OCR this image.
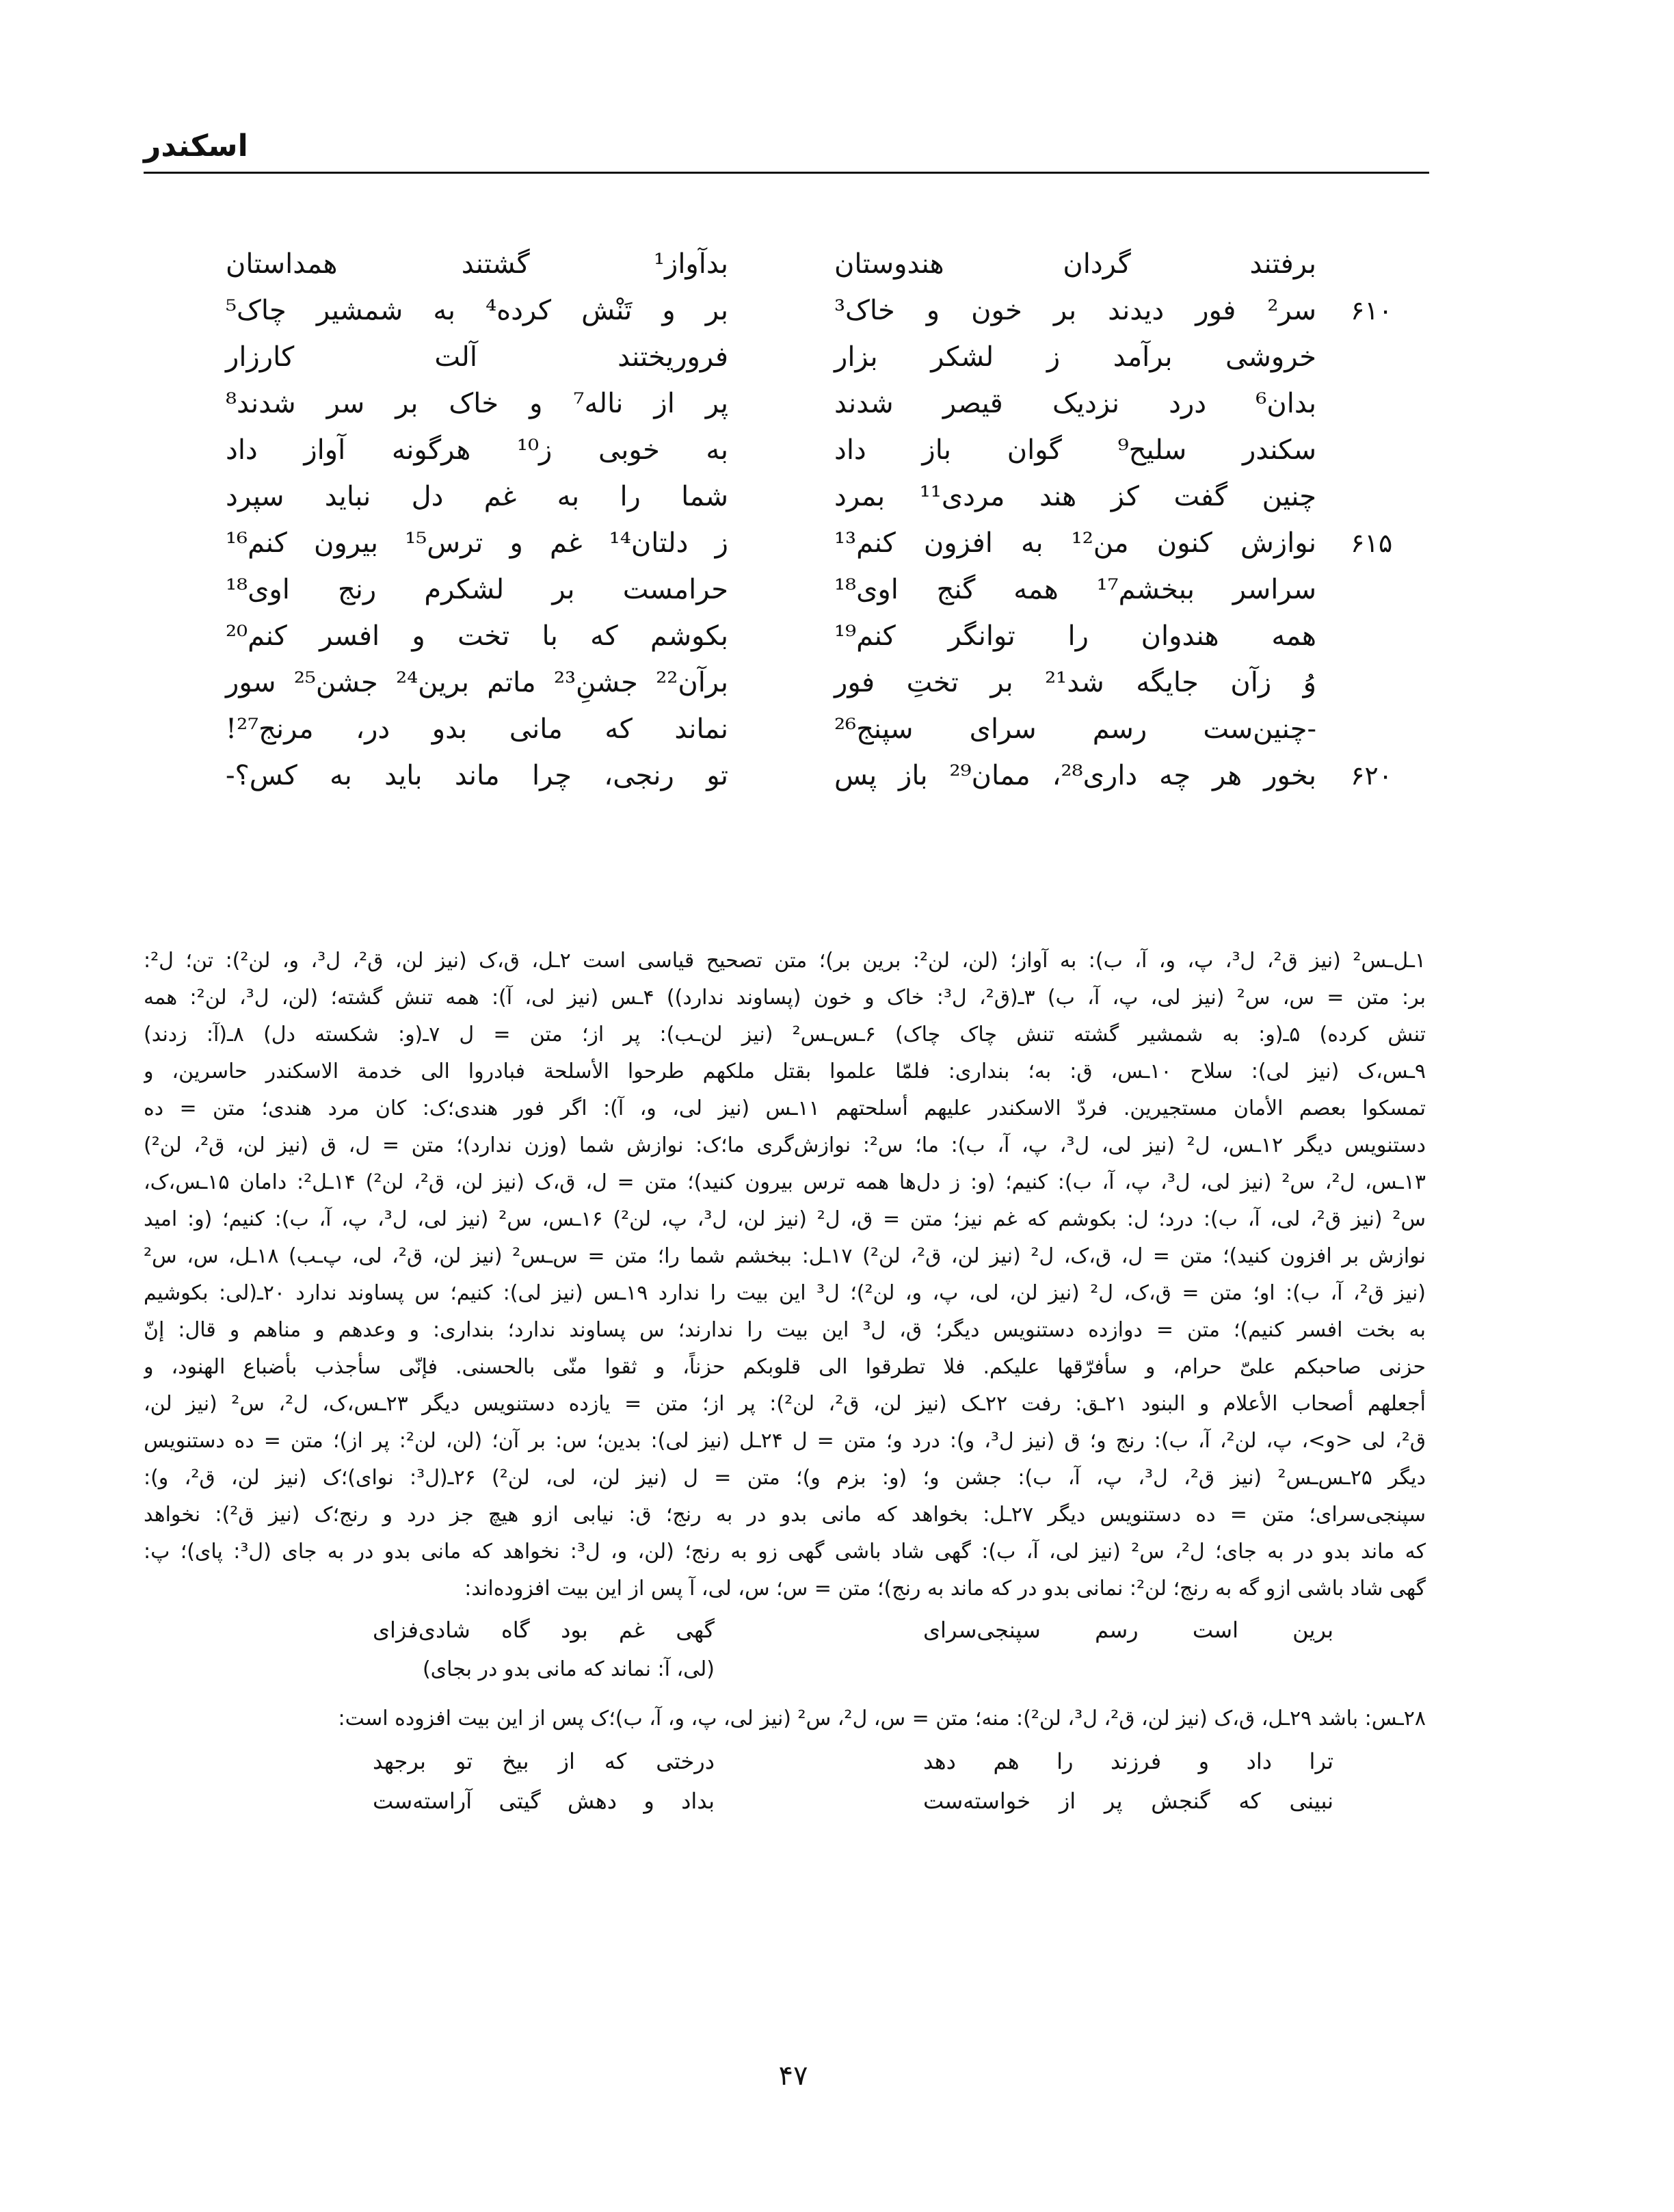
اسکندر
برفتند گردان هندوستان
بدآواز¹ گشتند همداستان
۶۱۰
سر² فور دیدند بر خون و خاک³
بر و تَنْش کرده⁴ به شمشیر چاک⁵
خروشی برآمد ز لشکر بزار
فروریختند آلت کارزار
بدان⁶ درد نزدیک قیصر شدند
پر از ناله⁷ و خاک بر سر شدند⁸
سکندر سلیح⁹ گوان باز داد
به خوبی ز¹⁰ هرگونه آواز داد
چنین گفت کز هند مردی¹¹ بمرد
شما را به غم دل نباید سپرد
۶۱۵
نوازش کنون من¹² به افزون کنم¹³
ز دلتان¹⁴ غم و ترس¹⁵ بیرون کنم¹⁶
سراسر ببخشم¹⁷ همه گنج اوی¹⁸
حرامست بر لشکرم رنج اوی¹⁸
همه هندوان را توانگر کنم¹⁹
بکوشم که با تخت و افسر کنم²⁰
وُ زآن جایگه شد²¹ بر تختِ فور
برآن²² جشنِ²³ ماتم برین²⁴ جشن²⁵ سور
-چنین‌ست رسم سرای سپنج²⁶
نماند که مانی بدو در، مرنج²⁷!
۶۲۰
بخور هر چه داری²⁸، ممان²⁹ باز پس
تو رنجی، چرا ماند باید به کس؟-
۱ـل‌ـس² (نیز ق²، ل³، پ، و، آ، ب): به آواز؛ (لن، لن²: برین بر)؛ متن تصحیح قیاسی است ۲ـل، ق،ک (نیز لن، ق²، ل³، و، لن²): تن؛ ل²:
بر: متن = س، س² (نیز لی، پ، آ، ب) ۳ـ(ق²، ل³: خاک و خون (پساوند ندارد)) ۴ـس (نیز لی، آ): همه تنش گشته؛ (لن، ل³، لن²: همه
تنش کرده) ۵ـ(و: به شمشیر گشته تنش چاک چاک) ۶ـس‌ـس² (نیز لن‌ـب): پر از؛ متن = ل ۷ـ(و: شکسته دل) ۸ـ(آ: زدند)
۹ـس،ک (نیز لی): سلاح ۱۰ـس، ق: به؛ بنداری: فلمّا علموا بقتل ملکهم طرحوا الأسلحة فبادروا الی خدمة الاسکندر حاسرین، و
تمسکوا بعصم الأمان مستجیرین. فردّ الاسکندر علیهم أسلحتهم ۱۱ـس (نیز لی، و، آ): اگر فور هندی؛ک: کان مرد هندی؛ متن = ده
دستنویس دیگر ۱۲ـس، ل² (نیز لی، ل³، پ، آ، ب): ما؛ س²: نوازش‌گری ما؛ک: نوازش شما (وزن ندارد)؛ متن = ل، ق (نیز لن، ق²، لن²)
۱۳ـس، ل²، س² (نیز لی، ل³، پ، آ، ب): کنیم؛ (و: ز دل‌ها همه ترس بیرون کنید)؛ متن = ل، ق،ک (نیز لن، ق²، لن²) ۱۴ـل²: دامان ۱۵ـس،ک،
س² (نیز ق²، لی، آ، ب): درد؛ ل: بکوشم که غم نیز؛ متن = ق، ل² (نیز لن، ل³، پ، لن²) ۱۶ـس، س² (نیز لی، ل³، پ، آ، ب): کنیم؛ (و: امید
نوازش بر افزون کنید)؛ متن = ل، ق،ک، ل² (نیز لن، ق²، لن²) ۱۷ـل: ببخشم شما را؛ متن = س‌ـس² (نیز لن، ق²، لی، پ‌ـب) ۱۸ـل، س، س²
(نیز ق²، آ، ب): او؛ متن = ق،ک، ل² (نیز لن، لی، پ، و، لن²)؛ ل³ این بیت را ندارد ۱۹ـس (نیز لی): کنیم؛ س پساوند ندارد ۲۰ـ(لی: بکوشیم
به بخت افسر کنیم)؛ متن = دوازده دستنویس دیگر؛ ق، ل³ این بیت را ندارند؛ س پساوند ندارد؛ بنداری: و وعدهم و مناهم و قال: إنّ
حزنی صاحبکم علیّ حرام، و سأفرّقها علیکم. فلا تطرقوا الی قلوبکم حزناً، و ثقوا منّی بالحسنی. فإنّی سأجذب بأضباع الهنود، و
أجعلهم أصحاب الأعلام و البنود ۲۱ـق: رفت ۲۲ـک (نیز لن، ق²، لن²): پر از؛ متن = یازده دستنویس دیگر ۲۳ـس،ک، ل²، س² (نیز لن،
ق²، لی <و>، پ، لن²، آ، ب): رنج و؛ ق (نیز ل³، و): درد و؛ متن = ل ۲۴ـل (نیز لی): بدین؛ س: بر آن؛ (لن، لن²: پر از)؛ متن = ده دستنویس
دیگر ۲۵ـس‌ـس² (نیز ق²، ل³، پ، آ، ب): جشن و؛ (و: بزم و)؛ متن = ل (نیز لن، لی، لن²) ۲۶ـ(ل³: نوای)؛ک (نیز لن، ق²، و):
سپنجی‌سرای؛ متن = ده دستنویس دیگر ۲۷ـل: بخواهد که مانی بدو در به رنج؛ ق: نیابی ازو هیچ جز درد و رنج؛ک (نیز ق²): نخواهد
که ماند بدو در به جای؛ ل²، س² (نیز لی، آ، ب): گهی شاد باشی گهی زو به رنج؛ (لن، و، ل³: نخواهد که مانی بدو در به جای (ل³: پای)؛ پ:
گهی شاد باشی ازو گه به رنج؛ لن²: نمانی بدو در که ماند به رنج)؛ متن = س؛ س، لی، آ پس از این بیت افزوده‌اند:
برین است رسم سپنجی‌سرای
گهی غم بود گاه شادی‌فزای
(لی، آ: نماند که مانی بدو در بجای)
۲۸ـس: باشد ۲۹ـل، ق،ک (نیز لن، ق²، ل³، لن²): منه؛ متن = س، ل²، س² (نیز لی، پ، و، آ، ب)؛ک پس از این بیت افزوده است:
ترا داد و فرزند را هم دهد
درختی که از بیخ تو برجهد
نبینی که گنجش پر از خواسته‌ست
بداد و دهش گیتی آراسته‌ست
۴۷
